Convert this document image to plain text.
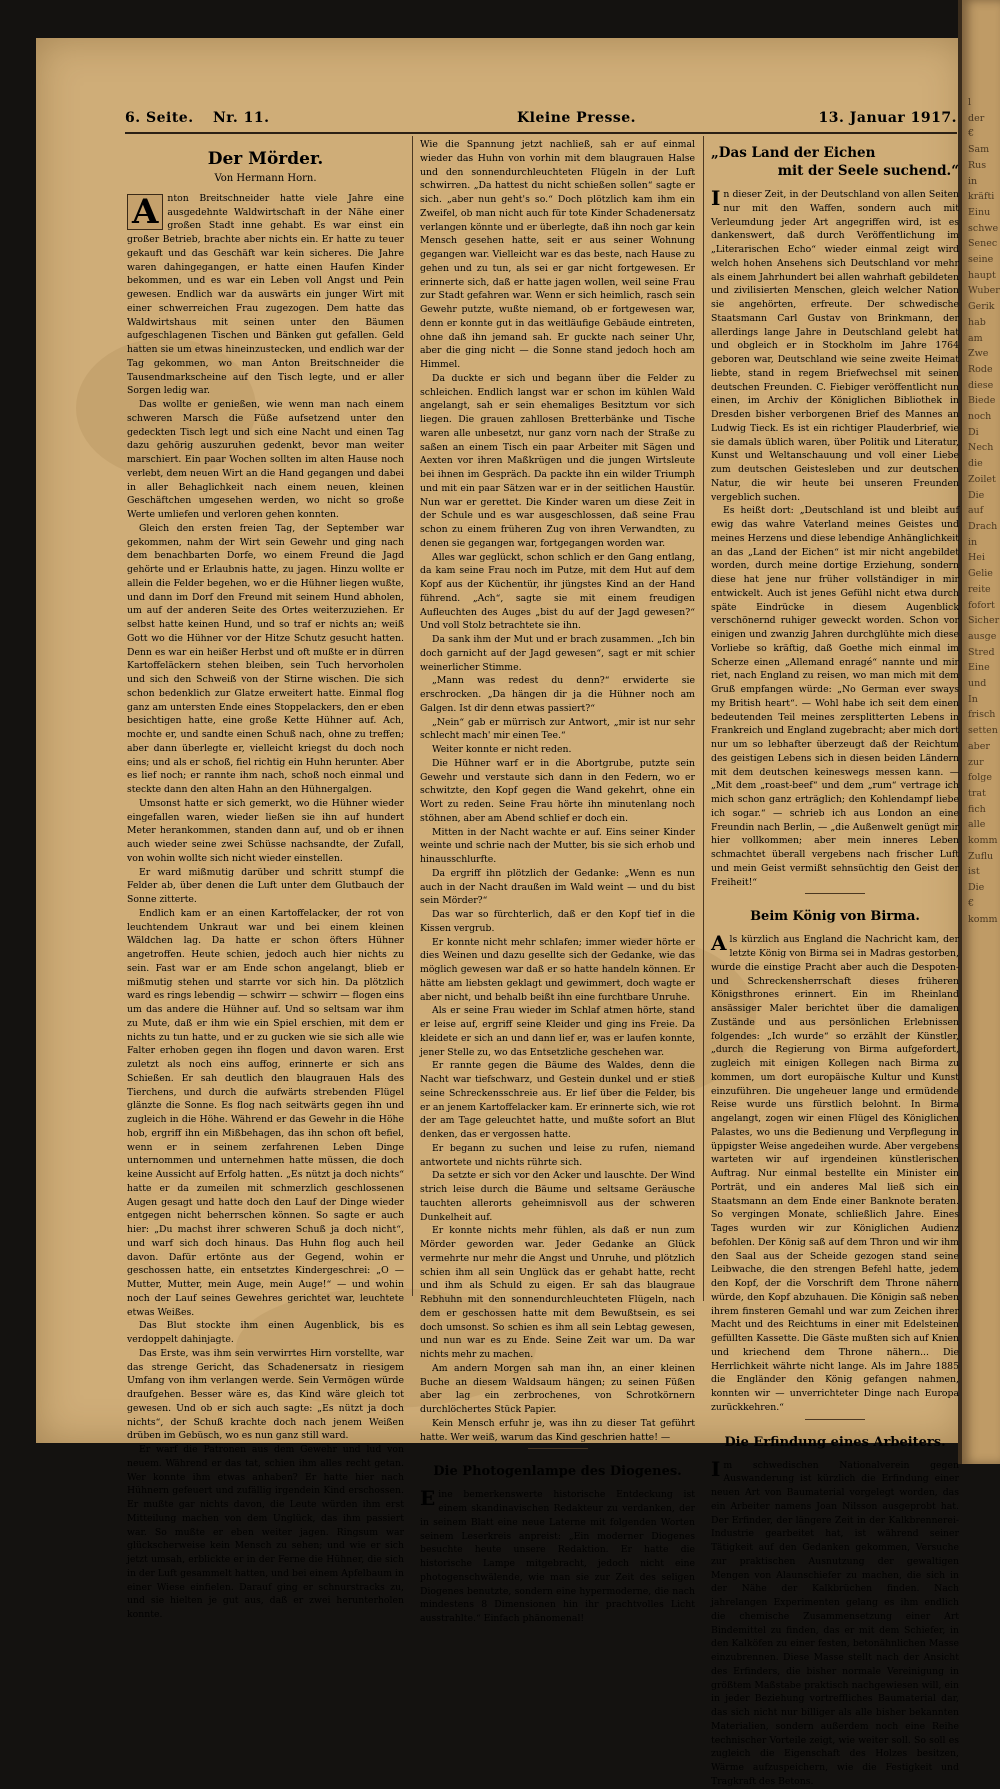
l
der
€
Sam
Rus
in
kräfti
Einu
schwe
Senec
seine
haupt
Wuber
Gerik
hab
am
Zwe
Rode
diese
Biede
noch
Di
Nech
die
Zoilet
Die
auf
Drach
in
Hei
Gelie
reite
fofort
Sicher
ausge
Stred
Eine
und
In
frisch
setten
aber
zur
folge
trat
fich
alle
komm
Zuflu
ist
Die
€
komm
6. Seite. Nr. 11.	Kleine Presse.	13. Januar 1917.
Der Mörder.
Von Hermann Horn.
A nton Breitschneider hatte viele Jahre eine ausgedehnte Waldwirtschaft in der Nähe einer großen Stadt inne gehabt. Es war einst ein großer Betrieb, brachte aber nichts ein. Er hatte zu teuer gekauft und das Geschäft war kein sicheres. Die Jahre waren dahingegangen, er hatte einen Haufen Kinder bekommen, und es war ein Leben voll Angst und Pein gewesen. Endlich war da auswärts ein junger Wirt mit einer schwerreichen Frau zugezogen. Dem hatte das Waldwirtshaus mit seinen unter den Bäumen aufgeschlagenen Tischen und Bänken gut gefallen. Geld hatten sie um etwas hineinzustecken, und endlich war der Tag gekommen, wo man Anton Breitschneider die Tausendmarkscheine auf den Tisch legte, und er aller Sorgen ledig war.

Das wollte er genießen, wie wenn man nach einem schweren Marsch die Füße aufsetzend unter den gedeckten Tisch legt und sich eine Nacht und einen Tag dazu gehörig auszuruhen gedenkt, bevor man weiter marschiert. Ein paar Wochen sollten im alten Hause noch verlebt, dem neuen Wirt an die Hand gegangen und dabei in aller Behaglichkeit nach einem neuen, kleinen Geschäftchen umgesehen werden, wo nicht so große Werte umliefen und verloren gehen konnten.

Gleich den ersten freien Tag, der September war gekommen, nahm der Wirt sein Gewehr und ging nach dem benachbarten Dorfe, wo einem Freund die Jagd gehörte und er Erlaubnis hatte, zu jagen. Hinzu wollte er allein die Felder begehen, wo er die Hühner liegen wußte, und dann im Dorf den Freund mit seinem Hund abholen, um auf der anderen Seite des Ortes weiterzuziehen. Er selbst hatte keinen Hund, und so traf er nichts an; weiß Gott wo die Hühner vor der Hitze Schutz gesucht hatten. Denn es war ein heißer Herbst und oft mußte er in dürren Kartoffeläckern stehen bleiben, sein Tuch hervorholen und sich den Schweiß von der Stirne wischen. Die sich schon bedenklich zur Glatze erweitert hatte. Einmal flog ganz am untersten Ende eines Stoppelackers, den er eben besichtigen hatte, eine große Kette Hühner auf. Ach, mochte er, und sandte einen Schuß nach, ohne zu treffen; aber dann überlegte er, vielleicht kriegst du doch noch eins; und als er schoß, fiel richtig ein Huhn herunter. Aber es lief noch; er rannte ihm nach, schoß noch einmal und steckte dann den alten Hahn an den Hühnergalgen.

Umsonst hatte er sich gemerkt, wo die Hühner wieder eingefallen waren, wieder ließen sie ihn auf hundert Meter herankommen, standen dann auf, und ob er ihnen auch wieder seine zwei Schüsse nachsandte, der Zufall, von wohin wollte sich nicht wieder einstellen.

Er ward mißmutig darüber und schritt stumpf die Felder ab, über denen die Luft unter dem Glutbauch der Sonne zitterte.

Endlich kam er an einen Kartoffelacker, der rot von leuchtendem Unkraut war und bei einem kleinen Wäldchen lag. Da hatte er schon öfters Hühner angetroffen. Heute schien, jedoch auch hier nichts zu sein. Fast war er am Ende schon angelangt, blieb er mißmutig stehen und starrte vor sich hin. Da plötzlich ward es rings lebendig — schwirr — schwirr — flogen eins um das andere die Hühner auf. Und so seltsam war ihm zu Mute, daß er ihm wie ein Spiel erschien, mit dem er nichts zu tun hatte, und er zu gucken wie sie sich alle wie Falter erhoben gegen ihn flogen und davon waren. Erst zuletzt als noch eins auffog, erinnerte er sich ans Schießen. Er sah deutlich den blaugrauen Hals des Tierchens, und durch die aufwärts strebenden Flügel glänzte die Sonne. Es flog nach seitwärts gegen ihn und zugleich in die Höhe. Während er das Gewehr in die Höhe hob, ergriff ihn ein Mißbehagen, das ihn schon oft befiel, wenn er in seinem zerfahrenen Leben Dinge unternommen und unternehmen hatte müssen, die doch keine Aussicht auf Erfolg hatten. „Es nützt ja doch nichts“ hatte er da zumeilen mit schmerzlich geschlossenen Augen gesagt und hatte doch den Lauf der Dinge wieder entgegen nicht beherrschen können. So sagte er auch hier: „Du machst ihrer schweren Schuß ja doch nicht“, und warf sich doch hinaus. Das Huhn flog auch heil davon. Dafür ertönte aus der Gegend, wohin er geschossen hatte, ein entsetztes Kindergeschrei: „O — Mutter, Mutter, mein Auge, mein Auge!“ — und wohin noch der Lauf seines Gewehres gerichtet war, leuchtete etwas Weißes.

Das Blut stockte ihm einen Augenblick, bis es verdoppelt dahinjagte.

Das Erste, was ihm sein verwirrtes Hirn vorstellte, war das strenge Gericht, das Schadenersatz in riesigem Umfang von ihm verlangen werde. Sein Vermögen würde draufgehen. Besser wäre es, das Kind wäre gleich tot gewesen. Und ob er sich auch sagte: „Es nützt ja doch nichts“, der Schuß krachte doch nach jenem Weißen drüben im Gebüsch, wo es nun ganz still ward.

Er warf die Patronen aus dem Gewehr und lud von neuem. Während er das tat, schien ihm alles recht getan. Wer konnte ihm etwas anhaben? Er hatte hier nach Hühnern gefeuert und zufällig irgendein Kind erschossen. Er mußte gar nichts davon, die Leute würden ihm erst Mitteilung machen von dem Unglück, das ihm passiert war. So mußte er eben weiter jagen. Ringsum war glückscherweise kein Mensch zu sehen; und wie er sich jetzt umsah, erblickte er in der Ferne die Hühner, die sich in der Luft gesammelt hatten, und bei einem Apfelbaum in einer Wiese einfielen. Darauf ging er schnurstracks zu, und sie hielten je gut aus, daß er zwei herunterholen konnte.

Wie die Spannung jetzt nachließ, sah er auf einmal wieder das Huhn von vorhin mit dem blaugrauen Halse und den sonnendurchleuchteten Flügeln in der Luft schwirren. „Da hattest du nicht schießen sollen“ sagte er sich. „aber nun geht's so.“ Doch plötzlich kam ihm ein Zweifel, ob man nicht auch für tote Kinder Schadenersatz verlangen könnte und er überlegte, daß ihn noch gar kein Mensch gesehen hatte, seit er aus seiner Wohnung gegangen war. Vielleicht war es das beste, nach Hause zu gehen und zu tun, als sei er gar nicht fortgewesen. Er erinnerte sich, daß er hatte jagen wollen, weil seine Frau zur Stadt gefahren war. Wenn er sich heimlich, rasch sein Gewehr putzte, wußte niemand, ob er fortgewesen war, denn er konnte gut in das weitläufige Gebäude eintreten, ohne daß ihn jemand sah. Er guckte nach seiner Uhr, aber die ging nicht — die Sonne stand jedoch hoch am Himmel.

Da duckte er sich und begann über die Felder zu schleichen. Endlich langst war er schon im kühlen Wald angelangt, sah er sein ehemaliges Besitztum vor sich liegen. Die grauen zahllosen Bretterbänke und Tische waren alle unbesetzt, nur ganz vorn nach der Straße zu saßen an einem Tisch ein paar Arbeiter mit Sägen und Aexten vor ihren Maßkrügen und die jungen Wirtsleute bei ihnen im Gespräch. Da packte ihn ein wilder Triumph und mit ein paar Sätzen war er in der seitlichen Haustür. Nun war er gerettet. Die Kinder waren um diese Zeit in der Schule und es war ausgeschlossen, daß seine Frau schon zu einem früheren Zug von ihren Verwandten, zu denen sie gegangen war, fortgegangen worden war.

Alles war geglückt, schon schlich er den Gang entlang, da kam seine Frau noch im Putze, mit dem Hut auf dem Kopf aus der Küchentür, ihr jüngstes Kind an der Hand führend. „Ach“, sagte sie mit einem freudigen Aufleuchten des Auges „bist du auf der Jagd gewesen?“ Und voll Stolz betrachtete sie ihn.

Da sank ihm der Mut und er brach zusammen. „Ich bin doch garnicht auf der Jagd gewesen“, sagt er mit schier weinerlicher Stimme.

„Mann was redest du denn?“ erwiderte sie erschrocken. „Da hängen dir ja die Hühner noch am Galgen. Ist dir denn etwas passiert?“

„Nein“ gab er mürrisch zur Antwort, „mir ist nur sehr schlecht mach' mir einen Tee.“

Weiter konnte er nicht reden.

Die Hühner warf er in die Abortgrube, putzte sein Gewehr und verstaute sich dann in den Federn, wo er schwitzte, den Kopf gegen die Wand gekehrt, ohne ein Wort zu reden. Seine Frau hörte ihn minutenlang noch stöhnen, aber am Abend schlief er doch ein.

Mitten in der Nacht wachte er auf. Eins seiner Kinder weinte und schrie nach der Mutter, bis sie sich erhob und hinausschlurfte.

Da ergriff ihn plötzlich der Gedanke: „Wenn es nun auch in der Nacht draußen im Wald weint — und du bist sein Mörder?“

Das war so fürchterlich, daß er den Kopf tief in die Kissen vergrub.

Er konnte nicht mehr schlafen; immer wieder hörte er dies Weinen und dazu gesellte sich der Gedanke, wie das möglich gewesen war daß er so hatte handeln können. Er hätte am liebsten geklagt und gewimmert, doch wagte er aber nicht, und behalb beißt ihn eine furchtbare Unruhe.

Als er seine Frau wieder im Schlaf atmen hörte, stand er leise auf, ergriff seine Kleider und ging ins Freie. Da kleidete er sich an und dann lief er, was er laufen konnte, jener Stelle zu, wo das Entsetzliche geschehen war.

Er rannte gegen die Bäume des Waldes, denn die Nacht war tiefschwarz, und Gestein dunkel und er stieß seine Schreckensschreie aus. Er lief über die Felder, bis er an jenem Kartoffelacker kam. Er erinnerte sich, wie rot der am Tage geleuchtet hatte, und mußte sofort an Blut denken, das er vergossen hatte.

Er begann zu suchen und leise zu rufen, niemand antwortete und nichts rührte sich.

Da setzte er sich vor den Acker und lauschte. Der Wind strich leise durch die Bäume und seltsame Geräusche tauchten allerorts geheimnisvoll aus der schweren Dunkelheit auf.

Er konnte nichts mehr fühlen, als daß er nun zum Mörder geworden war. Jeder Gedanke an Glück vermehrte nur mehr die Angst und Unruhe, und plötzlich schien ihm all sein Unglück das er gehabt hatte, recht und ihm als Schuld zu eigen. Er sah das blaugraue Rebhuhn mit den sonnendurchleuchteten Flügeln, nach dem er geschossen hatte mit dem Bewußtsein, es sei doch umsonst. So schien es ihm all sein Lebtag gewesen, und nun war es zu Ende. Seine Zeit war um. Da war nichts mehr zu machen.

Am andern Morgen sah man ihn, an einer kleinen Buche an diesem Waldsaum hängen; zu seinen Füßen aber lag ein zerbrochenes, von Schrotkörnern durchlöchertes Stück Papier.

Kein Mensch erfuhr je, was ihn zu dieser Tat geführt hatte. Wer weiß, warum das Kind geschrien hatte! —

Die Photogenlampe des Diogenes.
E ine bemerkenswerte historische Entdeckung ist einem skandinavischen Redakteur zu verdanken, der in seinem Blatt eine neue Laterne mit folgenden Worten seinem Leserkreis anpreist: „Ein moderner Diogenes besuchte heute unsere Redaktion. Er hatte die historische Lampe mitgebracht, jedoch nicht eine photogenschwälende, wie man sie zur Zeit des seligen Diogenes benutzte, sondern eine hypermoderne, die nach mindestens 8 Dimensionen hin ihr prachtvolles Licht ausstrahlte.“ Einfach phänomenal!

„Das Land der Eichen
mit der Seele suchend.“
I n dieser Zeit, in der Deutschland von allen Seiten nur mit den Waffen, sondern auch mit Verleumdung jeder Art angegriffen wird, ist es dankenswert, daß durch Veröffentlichung im „Literarischen Echo“ wieder einmal zeigt wird welch hohen Ansehens sich Deutschland vor mehr als einem Jahrhundert bei allen wahrhaft gebildeten und zivilisierten Menschen, gleich welcher Nation sie angehörten, erfreute. Der schwedische Staatsmann Carl Gustav von Brinkmann, der allerdings lange Jahre in Deutschland gelebt hat und obgleich er in Stockholm im Jahre 1764 geboren war, Deutschland wie seine zweite Heimat liebte, stand in regem Briefwechsel mit seinen deutschen Freunden. C. Fiebiger veröffentlicht nun einen, im Archiv der Königlichen Bibliothek in Dresden bisher verborgenen Brief des Mannes an Ludwig Tieck. Es ist ein richtiger Plauderbrief, wie sie damals üblich waren, über Politik und Literatur, Kunst und Weltanschauung und voll einer Liebe zum deutschen Geistesleben und zur deutschen Natur, die wir heute bei unseren Freunden vergeblich suchen.

Es heißt dort: „Deutschland ist und bleibt auf ewig das wahre Vaterland meines Geistes und meines Herzens und diese lebendige Anhänglichkeit an das „Land der Eichen“ ist mir nicht angebildet worden, durch meine dortige Erziehung, sondern diese hat jene nur früher vollständiger in mir entwickelt. Auch ist jenes Gefühl nicht etwa durch späte Eindrücke in diesem Augenblick verschönernd ruhiger geweckt worden. Schon vor einigen und zwanzig Jahren durchglühte mich diese Vorliebe so kräftig, daß Goethe mich einmal im Scherze einen „Allemand enragé“ nannte und mir riet, nach England zu reisen, wo man mich mit dem Gruß empfangen würde: „No German ever sways my British heart“. — Wohl habe ich seit dem einen bedeutenden Teil meines zersplitterten Lebens in Frankreich und England zugebracht; aber mich dort nur um so lebhafter überzeugt daß der Reichtum des geistigen Lebens sich in diesen beiden Ländern mit dem deutschen keineswegs messen kann. — „Mit dem „roast-beef“ und dem „rum“ vertrage ich mich schon ganz erträglich; den Kohlendampf liebe ich sogar.“ — schrieb ich aus London an eine Freundin nach Berlin, — „die Außenwelt genügt mir hier vollkommen; aber mein inneres Leben schmachtet überall vergebens nach frischer Luft und mein Geist vermißt sehnsüchtig den Geist der Freiheit!“

Beim König von Birma.
A ls kürzlich aus England die Nachricht kam, der letzte König von Birma sei in Madras gestorben, wurde die einstige Pracht aber auch die Despoten- und Schreckensherrschaft dieses früheren Königsthrones erinnert. Ein im Rheinland ansässiger Maler berichtet über die damaligen Zustände und aus persönlichen Erlebnissen folgendes: „Ich wurde“ so erzählt der Künstler, „durch die Regierung von Birma aufgefordert, zugleich mit einigen Kollegen nach Birma zu kommen, um dort europäische Kultur und Kunst einzuführen. Die ungeheuer lange und ermüdende Reise wurde uns fürstlich belohnt. In Birma angelangt, zogen wir einen Flügel des Königlichen Palastes, wo uns die Bedienung und Verpflegung in üppigster Weise angedeihen wurde. Aber vergebens warteten wir auf irgendeinen künstlerischen Auftrag. Nur einmal bestellte ein Minister ein Porträt, und ein anderes Mal ließ sich ein Staatsmann an dem Ende einer Banknote beraten. So vergingen Monate, schließlich Jahre. Eines Tages wurden wir zur Königlichen Audienz befohlen. Der König saß auf dem Thron und wir ihm den Saal aus der Scheide gezogen stand seine Leibwache, die den strengen Befehl hatte, jedem den Kopf, der die Vorschrift dem Throne nähern würde, den Kopf abzuhauen. Die Königin saß neben ihrem finsteren Gemahl und war zum Zeichen ihrer Macht und des Reichtums in einer mit Edelsteinen gefüllten Kassette. Die Gäste mußten sich auf Knien und kriechend dem Throne nähern... Die Herrlichkeit währte nicht lange. Als im Jahre 1885 die Engländer den König gefangen nahmen, konnten wir — unverrichteter Dinge nach Europa zurückkehren.“

Die Erfindung eines Arbeiters.
I m schwedischen Nationalverein gegen Auswanderung ist kürzlich die Erfindung einer neuen Art von Baumaterial vorgelegt worden, das ein Arbeiter namens Joan Nilsson ausgeprobt hat. Der Erfinder, der längere Zeit in der Kalkbrennerei-Industrie gearbeitet hat, ist während seiner Tätigkeit auf den Gedanken gekommen, Versuche zur praktischen Ausnutzung der gewaltigen Mengen von Alaunschiefer zu machen, die sich in der Nähe der Kalkbrüchen finden. Nach jahrelangen Experimenten gelang es ihm endlich die chemische Zusammensetzung einer Art Bindemittel zu finden, das er mit dem Schiefer, in den Kalköfen zu einer festen, betonähnlichen Masse einzubrennen. Diese Masse stellt nach der Ansicht des Erfinders, die bisher normale Vereinigung in größtem Maßstabe praktisch nachgewiesen will, ein in jeder Beziehung vortreffliches Baumaterial dar, das sich nicht nur billiger als alle bisher bekannten Materialien, sondern außerdem noch eine Reihe technischer Vorteile zeigt, wie weiter soll. So soll es zugleich die Eigenschaft des Holzes besitzen, Wärme aufzuspeichern, wie die Festigkeit und Tragkraft des Betons.
